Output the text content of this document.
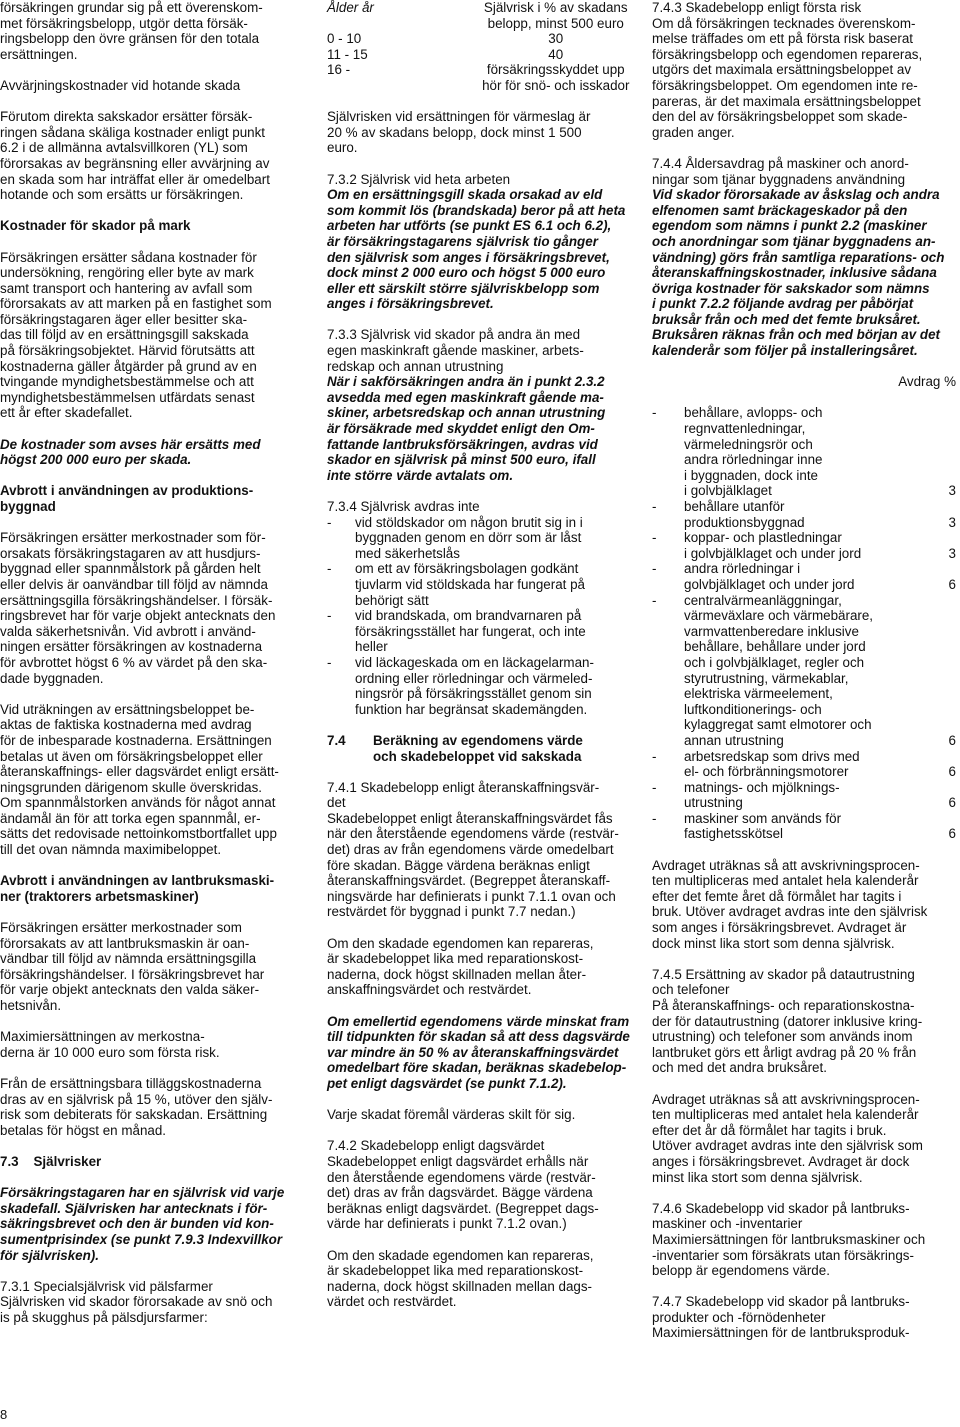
försäkringen grundar sig på ett överenskom-
met försäkringsbelopp, utgör detta försäk-
ringsbelopp den övre gränsen för den totala
ersättningen.
Avvärjningskostnader vid hotande skada
Förutom direkta sakskador ersätter försäk-
ringen sådana skäliga kostnader enligt punkt
6.2 i de allmänna avtalsvillkoren (YL) som
förorsakas av begränsning eller avvärjning av
en skada som har inträffat eller är omedelbart
hotande och som ersätts ur försäkringen.
Kostnader för skador på mark
Försäkringen ersätter sådana kostnader för
undersökning, rengöring eller byte av mark
samt transport och hantering av avfall som
förorsakats av att marken på en fastighet som
försäkringstagaren äger eller besitter ska-
das till följd av en ersättningsgill sakskada
på försäkringsobjektet. Härvid förutsätts att
kostnaderna gäller åtgärder på grund av en
tvingande myndighetsbestämmelse och att
myndighetsbestämmelsen utfärdats senast
ett år efter skadefallet.
De kostnader som avses här ersätts med
högst 200 000 euro per skada.
Avbrott i användningen av produktions-
byggnad
Försäkringen ersätter merkostnader som för-
orsakats försäkringstagaren av att husdjurs-
byggnad eller spannmålstork på gården helt
eller delvis är oanvändbar till följd av nämnda
ersättningsgilla försäkringshändelser. I försäk-
ringsbrevet har för varje objekt antecknats den
valda säkerhetsnivån. Vid avbrott i använd-
ningen ersätter försäkringen av kostnaderna
för avbrottet högst 6 % av värdet på den ska-
dade byggnaden.
Vid uträkningen av ersättningsbeloppet be-
aktas de faktiska kostnaderna med avdrag
för de inbesparade kostnaderna. Ersättningen
betalas ut även om försäkringsbeloppet eller
återanskaffnings- eller dagsvärdet enligt ersätt-
ningsgrunden därigenom skulle överskridas.
Om spannmålstorken används för något annat
ändamål än för att torka egen spannmål, er-
sätts det redovisade nettoinkomstbortfallet upp
till det ovan nämnda maximibeloppet.
Avbrott i användningen av lantbruksmaski-
ner (traktorers arbetsmaskiner)
Försäkringen ersätter merkostnader som
förorsakats av att lantbruksmaskin är oan-
vändbar till följd av nämnda ersättningsgilla
försäkringshändelser. I försäkringsbrevet har
för varje objekt antecknats den valda säker-
hetsnivån.
Maximiersättningen av merkostna-
derna är 10 000 euro som första risk.
Från de ersättningsbara tilläggskostnaderna
dras av en självrisk på 15 %, utöver den själv-
risk som debiterats för sakskadan. Ersättning
betalas för högst en månad.
7.3    Självrisker
Försäkringstagaren har en självrisk vid varje
skadefall. Självrisken har antecknats i för-
säkringsbrevet och den är bunden vid kon-
sumentprisindex (se punkt 7.9.3 Indexvillkor
för självrisken).
7.3.1 Specialsjälvrisk vid pälsfarmer
Självrisken vid skador förorsakade av snö och
is på skugghus på pälsdjursfarmer:
Ålder år	Självrisk i % av skadans
belopp, minst 500 euro
0 - 10	30
11 - 15	40
16 -	försäkringsskyddet upp
hör för snö- och isskador
Självrisken vid ersättningen för värmeslag är
20 % av skadans belopp, dock minst 1 500
euro.
7.3.2 Självrisk vid heta arbeten
Om en ersättningsgill skada orsakad av eld
som kommit lös (brandskada) beror på att heta
arbeten har utförts (se punkt ES 6.1 och 6.2),
är försäkringstagarens självrisk tio gånger
den självrisk som anges i försäkringsbrevet,
dock minst 2 000 euro och högst 5 000 euro
eller ett särskilt större självriskbelopp som
anges i försäkringsbrevet.
7.3.3 Självrisk vid skador på andra än med
egen maskinkraft gående maskiner, arbets-
redskap och annan utrustning
När i sakförsäkringen andra än i punkt 2.3.2
avsedda med egen maskinkraft gående ma-
skiner, arbetsredskap och annan utrustning
är försäkrade med skyddet enligt den Om-
fattande lantbruksförsäkringen, avdras vid
skador en självrisk på minst 500 euro, ifall
inte större värde avtalats om.
7.3.4 Självrisk avdras inte
-	vid stöldskador om någon brutit sig in i
byggnaden genom en dörr som är låst
med säkerhetslås
-	om ett av försäkringsbolagen godkänt
tjuvlarm vid stöldskada har fungerat på
behörigt sätt
-	vid brandskada, om brandvarnaren på
försäkringsstället har fungerat, och inte
heller
-	vid läckageskada om en läckagelarman-
ordning eller rörledningar och värmeled-
ningsrör på försäkringsstället genom sin
funktion har begränsat skademängden.
7.4	Beräkning av egendomens värde
och skadebeloppet vid sakskada
7.4.1 Skadebelopp enligt återanskaffningsvär-
det
Skadebeloppet enligt återanskaffningsvärdet fås
när den återstående egendomens värde (restvär-
det) dras av från egendomens värde omedelbart
före skadan. Bägge värdena beräknas enligt
återanskaffningsvärdet. (Begreppet återanskaff-
ningsvärde har definierats i punkt 7.1.1 ovan och
restvärdet för byggnad i punkt 7.7 nedan.)
Om den skadade egendomen kan repareras,
är skadebeloppet lika med reparationskost-
naderna, dock högst skillnaden mellan åter-
anskaffningsvärdet och restvärdet.
Om emellertid egendomens värde minskat fram
till tidpunkten för skadan så att dess dagsvärde
var mindre än 50 % av återanskaffningsvärdet
omedelbart före skadan, beräknas skadebelop-
pet enligt dagsvärdet (se punkt 7.1.2).
Varje skadat föremål värderas skilt för sig.
7.4.2 Skadebelopp enligt dagsvärdet
Skadebeloppet enligt dagsvärdet erhålls när
den återstående egendomens värde (restvär-
det) dras av från dagsvärdet. Bägge värdena
beräknas enligt dagsvärdet. (Begreppet dags-
värde har definierats i punkt 7.1.2 ovan.)
Om den skadade egendomen kan repareras,
är skadebeloppet lika med reparationskost-
naderna, dock högst skillnaden mellan dags-
värdet och restvärdet.
7.4.3 Skadebelopp enligt första risk
Om då försäkringen tecknades överenskom-
melse träffades om ett på första risk baserat
försäkringsbelopp och egendomen repareras,
utgörs det maximala ersättningsbeloppet av
försäkringsbeloppet. Om egendomen inte re-
pareras, är det maximala ersättningsbeloppet
den del av försäkringsbeloppet som skade-
graden anger.
7.4.4 Åldersavdrag på maskiner och anord-
ningar som tjänar byggnadens användning
Vid skador förorsakade av åskslag och andra
elfenomen samt bräckageskador på den
egendom som nämns i punkt 2.2 (maskiner
och anordningar som tjänar byggnadens an-
vändning) görs från samtliga reparations- och
återanskaffningskostnader, inklusive sådana
övriga kostnader för sakskador som nämns
i punkt 7.2.2 följande avdrag per påbörjat
bruksår från och med det femte bruksåret.
Bruksåren räknas från och med början av det
kalenderår som följer på installeringsåret.
Avdrag %
-	behållare, avlopps- och
regnvattenledningar,
värmeledningsrör och
andra rörledningar inne
i byggnaden, dock inte
i golvbjälklaget	3
-	behållare utanför
produktionsbyggnad	3
-	koppar- och plastledningar
i golvbjälklaget och under jord	3
-	andra rörledningar i
golvbjälklaget och under jord	6
-	centralvärmeanläggningar,
värmeväxlare och värmebärare,
varmvattenberedare inklusive
behållare, behållare under jord
och i golvbjälklaget, regler och
styrutrustning, värmekablar,
elektriska värmeelement,
luftkonditionerings- och
kylaggregat samt elmotorer och
annan utrustning	6
-	arbetsredskap som drivs med
el- och förbränningsmotorer	6
-	matnings- och mjölknings-
utrustning	6
-	maskiner som används för
fastighetsskötsel	6
Avdraget uträknas så att avskrivningsprocen-
ten multipliceras med antalet hela kalenderår
efter det femte året då förmålet har tagits i
bruk. Utöver avdraget avdras inte den självrisk
som anges i försäkringsbrevet. Avdraget är
dock minst lika stort som denna självrisk.
7.4.5 Ersättning av skador på datautrustning
och telefoner
På återanskaffnings- och reparationskostna-
der för datautrustning (datorer inklusive kring-
utrustning) och telefoner som används inom
lantbruket görs ett årligt avdrag på 20 % från
och med det andra bruksåret.
Avdraget uträknas så att avskrivningsprocen-
ten multipliceras med antalet hela kalenderår
efter det år då förmålet har tagits i bruk.
Utöver avdraget avdras inte den självrisk som
anges i försäkringsbrevet. Avdraget är dock
minst lika stort som denna självrisk.
7.4.6 Skadebelopp vid skador på lantbruks-
maskiner och -inventarier
Maximiersättningen för lantbruksmaskiner och
-inventarier som försäkrats utan försäkrings-
belopp är egendomens värde.
7.4.7 Skadebelopp vid skador på lantbruks-
produkter och -förnödenheter
Maximiersättningen för de lantbruksproduk-
8
